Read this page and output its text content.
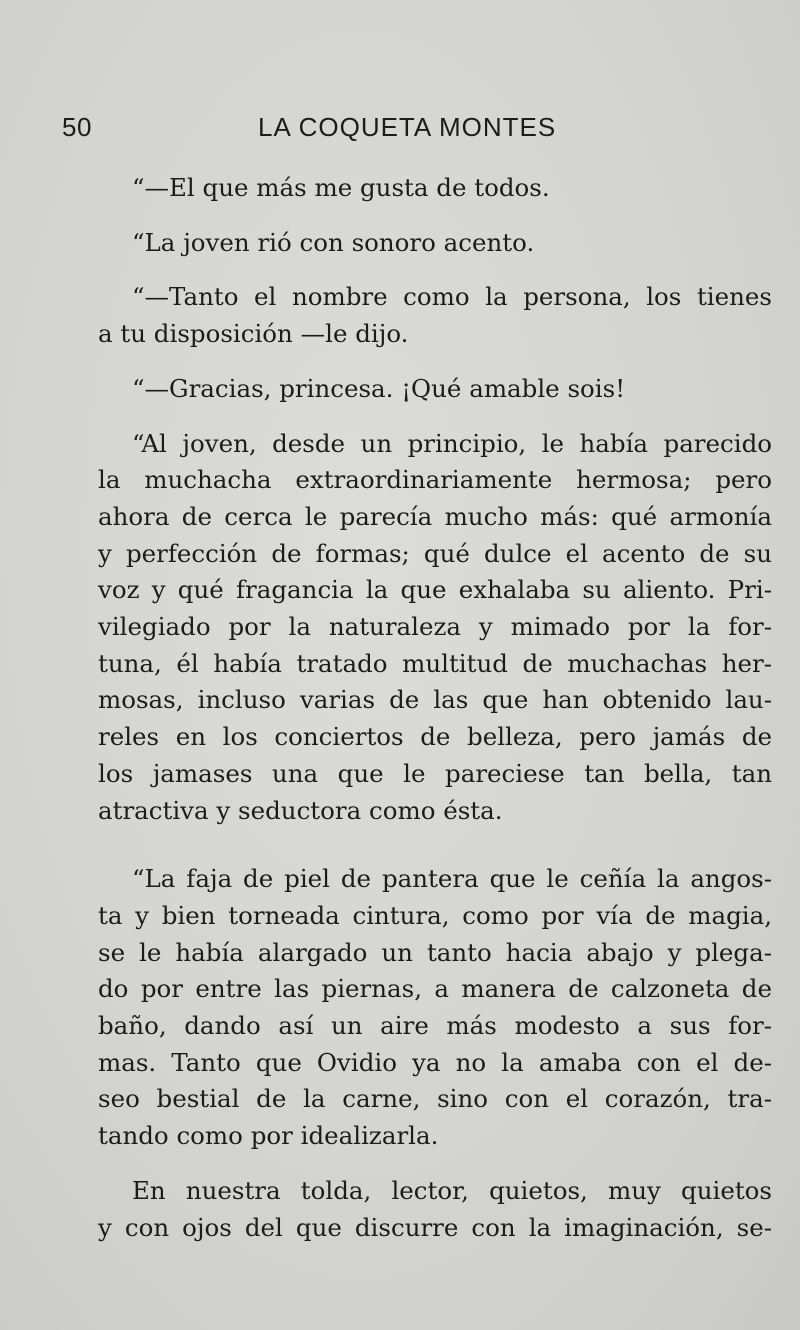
50	LA COQUETA MONTES

“—El que más me gusta de todos.

“La joven rió con sonoro acento.

“—Tanto el nombre como la persona, los tienes
a tu disposición —le dijo.

“—Gracias, princesa. ¡Qué amable sois!

“Al joven, desde un principio, le había parecido
la muchacha extraordinariamente hermosa; pero
ahora de cerca le parecía mucho más: qué armonía
y perfección de formas; qué dulce el acento de su
voz y qué fragancia la que exhalaba su aliento. Pri-
vilegiado por la naturaleza y mimado por la for-
tuna, él había tratado multitud de muchachas her-
mosas, incluso varias de las que han obtenido lau-
reles en los conciertos de belleza, pero jamás de
los jamases una que le pareciese tan bella, tan
atractiva y seductora como ésta.

“La faja de piel de pantera que le ceñía la angos-
ta y bien torneada cintura, como por vía de magia,
se le había alargado un tanto hacia abajo y plega-
do por entre las piernas, a manera de calzoneta de
baño, dando así un aire más modesto a sus for-
mas. Tanto que Ovidio ya no la amaba con el de-
seo bestial de la carne, sino con el corazón, tra-
tando como por idealizarla.

En nuestra tolda, lector, quietos, muy quietos
y con ojos del que discurre con la imaginación, se-
